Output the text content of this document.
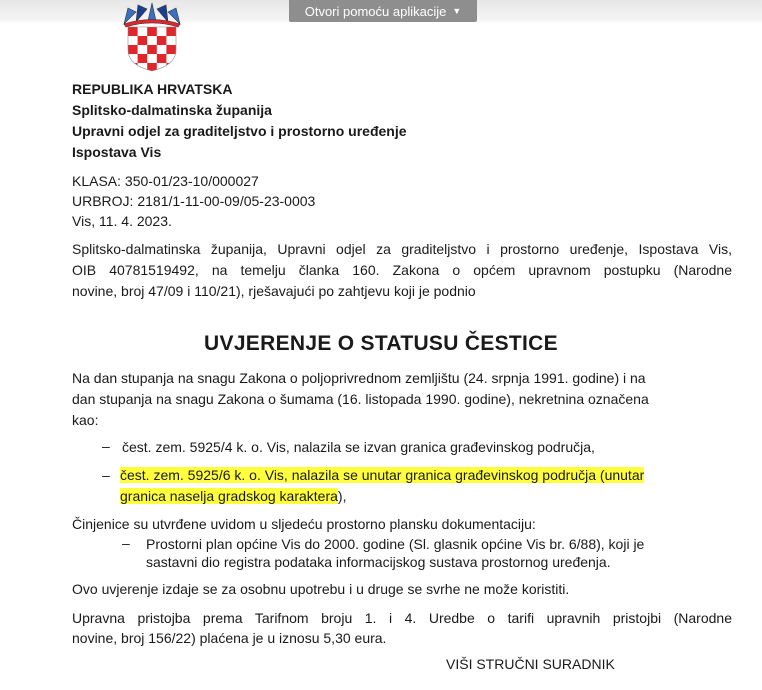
Otvori pomoću aplikacije ▼
REPUBLIKA HRVATSKA
Splitsko-dalmatinska županija
Upravni odjel za graditeljstvo i prostorno uređenje
Ispostava Vis
KLASA: 350-01/23-10/000027
URBROJ: 2181/1-11-00-09/05-23-0003
Vis, 11. 4. 2023.
Splitsko-dalmatinska županija, Upravni odjel za graditeljstvo i prostorno uređenje, Ispostava Vis,
OIB 40781519492, na temelju članka 160. Zakona o općem upravnom postupku (Narodne
novine, broj 47/09 i 110/21), rješavajući po zahtjevu koji je podnio
UVJERENJE O STATUSU ČESTICE
Na dan stupanja na snagu Zakona o poljoprivrednom zemljištu (24. srpnja 1991. godine) i na
dan stupanja na snagu Zakona o šumama (16. listopada 1990. godine), nekretnina označena
kao:
– čest. zem. 5925/4 k. o. Vis, nalazila se izvan granica građevinskog područja,
– čest. zem. 5925/6 k. o. Vis, nalazila se unutar granica građevinskog područja (unutar
granica naselja gradskog karaktera),
Činjenice su utvrđene uvidom u sljedeću prostorno plansku dokumentaciju:
– Prostorni plan općine Vis do 2000. godine (Sl. glasnik općine Vis br. 6/88), koji je
sastavni dio registra podataka informacijskog sustava prostornog uređenja.
Ovo uvjerenje izdaje se za osobnu upotrebu i u druge se svrhe ne može koristiti.
Upravna pristojba prema Tarifnom broju 1. i 4. Uredbe o tarifi upravnih pristojbi (Narodne
novine, broj 156/22) plaćena je u iznosu 5,30 eura.
VIŠI STRUČNI SURADNIK
